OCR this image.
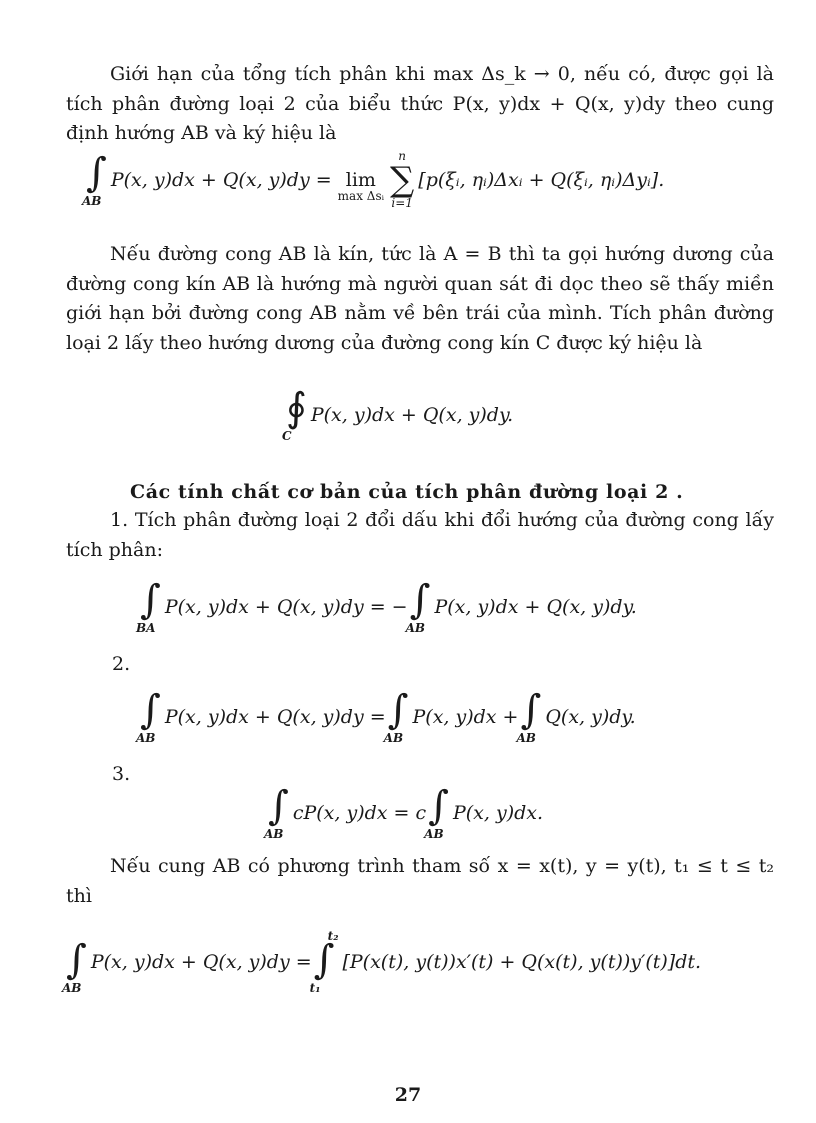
Giới hạn của tổng tích phân khi max Δs_k → 0, nếu có, được gọi là tích phân đường loại 2 của biểu thức P(x, y)dx + Q(x, y)dy theo cung định hướng AB và ký hiệu là

∫
AB
P(x, y)dx + Q(x, y)dy = lim
max Δsᵢ
n
∑
i=1
[p(ξᵢ, ηᵢ)Δxᵢ + Q(ξᵢ, ηᵢ)Δyᵢ].

Nếu đường cong AB là kín, tức là A = B thì ta gọi hướng dương của đường cong kín AB là hướng mà người quan sát đi dọc theo sẽ thấy miền giới hạn bởi đường cong AB nằm về bên trái của mình. Tích phân đường loại 2 lấy theo hướng dương của đường cong kín C được ký hiệu là

∮
C
P(x, y)dx + Q(x, y)dy.
Các tính chất cơ bản của tích phân đường loại 2 .

1. Tích phân đường loại 2 đổi dấu khi đổi hướng của đường cong lấy tích phân:

∫
BA
P(x, y)dx + Q(x, y)dy = − ∫
AB
P(x, y)dx + Q(x, y)dy.
2.
∫
AB
P(x, y)dx + Q(x, y)dy = ∫
AB
P(x, y)dx + ∫
AB
Q(x, y)dy.
3.
∫
AB
cP(x, y)dx = c ∫
AB
P(x, y)dx.

Nếu cung AB có phương trình tham số x = x(t), y = y(t), t₁ ≤ t ≤ t₂ thì

∫
AB
P(x, y)dx + Q(x, y)dy =
t₂
∫
t₁
[P(x(t), y(t))x′(t) + Q(x(t), y(t))y′(t)]dt.
27
